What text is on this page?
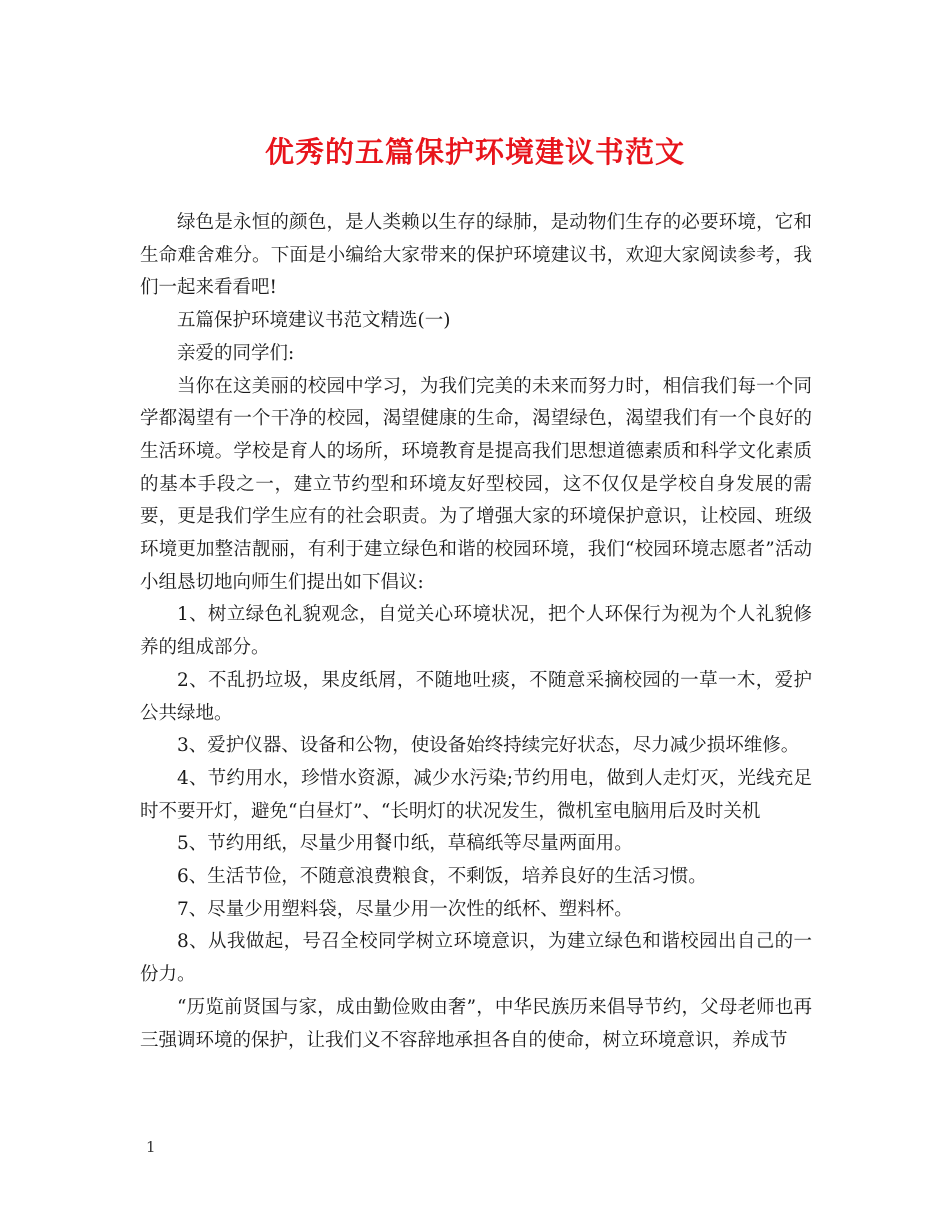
优秀的五篇保护环境建议书范文

绿色是永恒的颜色，是人类赖以生存的绿肺，是动物们生存的必要环境，它和生命难舍难分。下面是小编给大家带来的保护环境建议书，欢迎大家阅读参考，我们一起来看看吧!

五篇保护环境建议书范文精选(一)

亲爱的同学们:

当你在这美丽的校园中学习，为我们完美的未来而努力时，相信我们每一个同学都渴望有一个干净的校园，渴望健康的生命，渴望绿色，渴望我们有一个良好的生活环境。学校是育人的场所，环境教育是提高我们思想道德素质和科学文化素质的基本手段之一，建立节约型和环境友好型校园，这不仅仅是学校自身发展的需要，更是我们学生应有的社会职责。为了增强大家的环境保护意识，让校园、班级环境更加整洁靓丽，有利于建立绿色和谐的校园环境，我们“校园环境志愿者”活动小组恳切地向师生们提出如下倡议:

1、树立绿色礼貌观念，自觉关心环境状况，把个人环保行为视为个人礼貌修养的组成部分。

2、不乱扔垃圾，果皮纸屑，不随地吐痰，不随意采摘校园的一草一木，爱护公共绿地。

3、爱护仪器、设备和公物，使设备始终持续完好状态，尽力减少损坏维修。

4、节约用水，珍惜水资源，减少水污染;节约用电，做到人走灯灭，光线充足时不要开灯，避免“白昼灯”、“长明灯的状况发生，微机室电脑用后及时关机

5、节约用纸，尽量少用餐巾纸，草稿纸等尽量两面用。

6、生活节俭，不随意浪费粮食，不剩饭，培养良好的生活习惯。

7、尽量少用塑料袋，尽量少用一次性的纸杯、塑料杯。

8、从我做起，号召全校同学树立环境意识，为建立绿色和谐校园出自己的一份力。

“历览前贤国与家，成由勤俭败由奢”，中华民族历来倡导节约，父母老师也再三强调环境的保护，让我们义不容辞地承担各自的使命，树立环境意识，养成节

1
